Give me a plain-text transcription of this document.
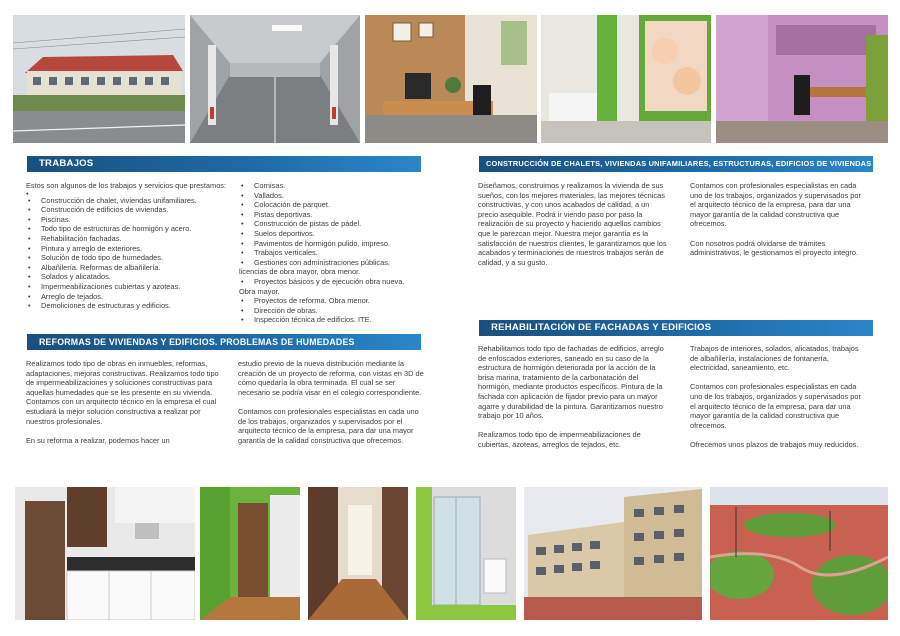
TRABAJOS

Estos son algunos de los trabajos y servicios que prestamos:

•

• Construcción de chalet, viviendas unifamiliares.
• Construcción de edificios de viviendas.
• Piscinas.
• Todo tipo de estructuras de hormigón y acero.
• Rehabilitación fachadas.
• Pintura y arreglo de exteriores.
• Solución de todo tipo de humedades.
• Albañilería. Reformas de albañilería.
• Solados y alicatados.
• Impermeabilizaciones cubiertas y azoteas.
• Arreglo de tejados.
• Demoliciones de estructuras y edificios.
• Cornisas.
• Vallados.
• Colocación de parquet.
• Pistas deportivas.
• Construcción de pistas de pádel.
• Suelos deportivos.
• Pavimentos de hormigón pulido, impreso.
• Trabajos verticales.
• Gestiones con administraciones públicas,
licencias de obra mayor, obra menor.
• Proyectos básicos y de ejecución obra nueva.
Obra mayor.
• Proyectos de reforma. Obra menor.
• Dirección de obras.
• Inspección técnica de edificios. ITE.
REFORMAS DE VIVIENDAS Y EDIFICIOS. PROBLEMAS DE HUMEDADES

Realizamos todo tipo de obras en inmuebles, reformas, adaptaciones, mejoras constructivas. Realizamos todo tipo de impermeabilizaciones y soluciones constructivas para aquellas humedades que se les presente en su vivienda. Contamos con un arquitecto técnico en la empresa el cual estudiará la mejor solución constructiva a realizar por nuestros profesionales.

En su reforma a realizar, podemos hacer un

estudio previo de la nueva distribución mediante la creación de un proyecto de reforma, con vistas en 3D de cómo quedaría la obra terminada. El cual se ser necesario se podría visar en el colegio correspondiente.

Contamos con profesionales especialistas en cada uno de los trabajos, organizados y supervisados por el arquitecto técnico de la empresa, para dar una mayor garantía de la calidad constructiva que ofrecemos.

CONSTRUCCIÓN DE CHALETS, VIVIENDAS UNIFAMILIARES, ESTRUCTURAS, EDIFICIOS DE VIVIENDAS

Diseñamos, construimos y realizamos la vivienda de sus sueños, con los mejores materiales, las mejores técnicas constructivas, y con unos acabados de calidad, a un precio asequible. Podrá ir viendo paso por paso la realización de su proyecto y haciendo aquellos cambios que le parezcan mejor. Nuestra mejor garantía es la satisfacción de nuestros clientes, le garantizamos que los acabados y terminaciones de nuestros trabajos serán de calidad, y a su gusto.

Contamos con profesionales especialistas en cada uno de los trabajos, organizados y supervisados por el arquitecto técnico de la empresa, para dar una mayor garantía de la calidad constructiva que ofrecemos.

Con nosotros podrá olvidarse de trámites administrativos, le gestionamos el proyecto integro.

REHABILITACIÓN DE FACHADAS Y EDIFICIOS

Rehabilitamos todo tipo de fachadas de edificios, arreglo de enfoscados exteriores, saneado en su caso de la estructura de hormigón deteriorada por la acción de la brisa marina, tratamiento de la carbonatación del hormigón, mediante productos específicos. Pintura de la fachada con aplicación de fijador previo para un mayor agarre y durabilidad de la pintura. Garantizamos nuestro trabajo por 10 años.

Realizamos todo tipo de impermeabilizaciones de cubiertas, azoteas, arreglos de tejados, etc.

Trabajos de interiores, solados, alicatados, trabajos de albañilería, instalaciones de fontanería, electricidad, saneamiento, etc.

Contamos con profesionales especialistas en cada uno de los trabajos, organizados y supervisados por el arquitecto técnico de la empresa, para dar una mayor garantía de la calidad constructiva que ofrecemos.

Ofrecemos unos plazos de trabajos muy reducidos.
